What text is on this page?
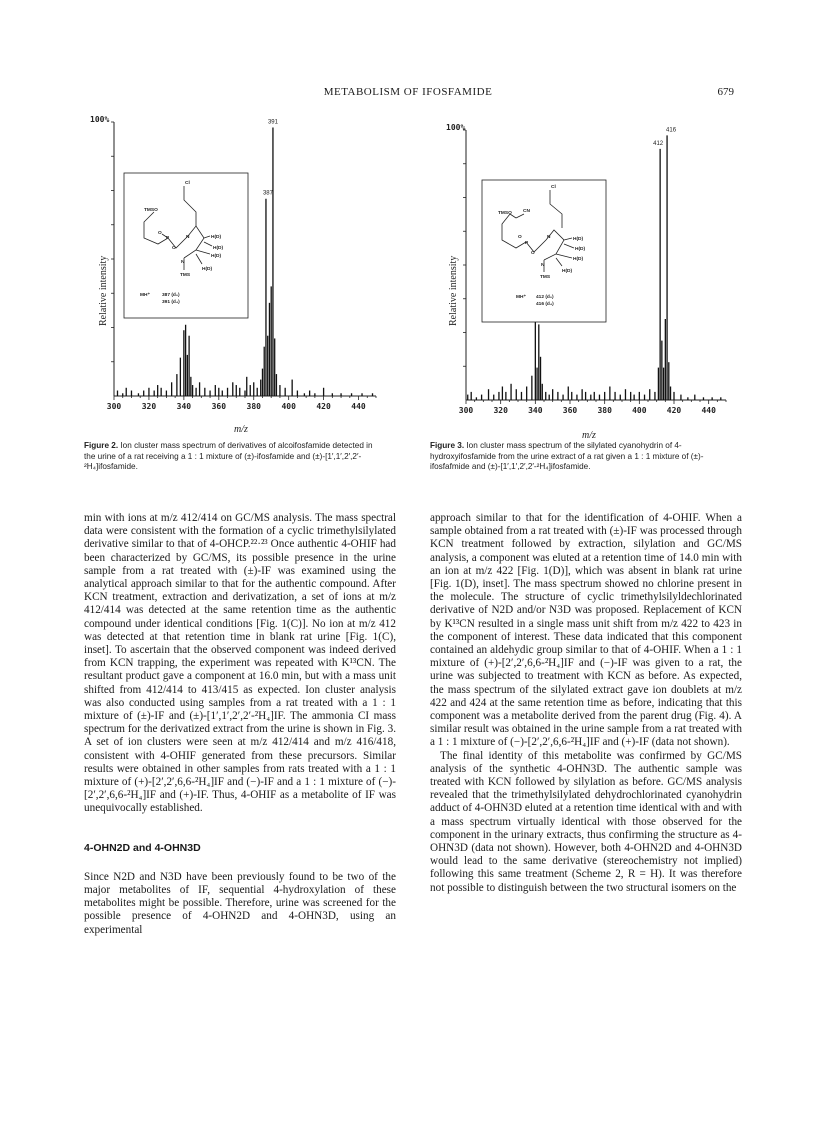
METABOLISM OF IFOSFAMIDE	679
100%
Relative intensity
m/z
300	320	340	360	380	400	420	440
391
387
Cl
TMSO
H(D)
H(D)
H(D)
H(D)
TMS
O
P	N
N
O
MH⁺	387 (d₀)
391 (d₄)
Figure 2. Ion cluster mass spectrum of derivatives of alcoifosfamide detected in the urine of a rat receiving a 1 : 1 mixture of (±)-ifosfamide and (±)-[1′,1′,2′,2′-²H₄]ifosfamide.
100%
Relative intensity
m/z
300	320	340	360	380	400	420	440
416
412
Cl
TMSO CN
H(D)
H(D)
H(D)
H(D)
TMS
O
P
N
N
O
MH⁺ 412 (d₀)
416 (d₄)
Figure 3. Ion cluster mass spectrum of the silylated cyanohydrin of 4-hydroxyifosfamide from the urine extract of a rat given a 1 : 1 mixture of (±)-ifosfafmide and (±)-[1′,1′,2′,2′-²H₄]ifosfamide.

min with ions at m/z 412/414 on GC/MS analysis. The mass spectral data were consistent with the formation of a cyclic trimethylsilylated derivative similar to that of 4-OHCP.²²·²³ Once authentic 4-OHIF had been characterized by GC/MS, its possible presence in the urine sample from a rat treated with (±)-IF was examined using the analytical approach similar to that for the authentic compound. After KCN treatment, extraction and derivatization, a set of ions at m/z 412/414 was detected at the same retention time as the authentic compound under identical conditions [Fig. 1(C)]. No ion at m/z 412 was detected at that retention time in blank rat urine [Fig. 1(C), inset]. To ascertain that the observed component was indeed derived from KCN trapping, the experiment was repeated with K¹³CN. The resultant product gave a component at 16.0 min, but with a mass unit shifted from 412/414 to 413/415 as expected. Ion cluster analysis was also conducted using samples from a rat treated with a 1 : 1 mixture of (±)-IF and (±)-[1′,1′,2′,2′-²H₄]IF. The ammonia CI mass spectrum for the derivatized extract from the urine is shown in Fig. 3. A set of ion clusters were seen at m/z 412/414 and m/z 416/418, consistent with 4-OHIF generated from these precursors. Similar results were obtained in other samples from rats treated with a 1 : 1 mixture of (+)-[2′,2′,6,6-²H₄]IF and (−)-IF and a 1 : 1 mixture of (−)-[2′,2′,6,6-²H₄]IF and (+)-IF. Thus, 4-OHIF as a metabolite of IF was unequivocally established.

4-OHN2D and 4-OHN3D

Since N2D and N3D have been previously found to be two of the major metabolites of IF, sequential 4-hydroxylation of these metabolites might be possible. Therefore, urine was screened for the possible presence of 4-OHN2D and 4-OHN3D, using an experimental

approach similar to that for the identification of 4-OHIF. When a sample obtained from a rat treated with (±)-IF was processed through KCN treatment followed by extraction, silylation and GC/MS analysis, a component was eluted at a retention time of 14.0 min with an ion at m/z 422 [Fig. 1(D)], which was absent in blank rat urine [Fig. 1(D), inset]. The mass spectrum showed no chlorine present in the molecule. The structure of cyclic trimethylsilyldechlorinated derivative of N2D and/or N3D was proposed. Replacement of KCN by K¹³CN resulted in a single mass unit shift from m/z 422 to 423 in the component of interest. These data indicated that this component contained an aldehydic group similar to that of 4-OHIF. When a 1 : 1 mixture of (+)-[2′,2′,6,6-²H₄]IF and (−)-IF was given to a rat, the urine was subjected to treatment with KCN as before. As expected, the mass spectrum of the silylated extract gave ion doublets at m/z 422 and 424 at the same retention time as before, indicating that this component was a metabolite derived from the parent drug (Fig. 4). A similar result was obtained in the urine sample from a rat treated with a 1 : 1 mixture of (−)-[2′,2′,6,6-²H₄]IF and (+)-IF (data not shown).

The final identity of this metabolite was confirmed by GC/MS analysis of the synthetic 4-OHN3D. The authentic sample was treated with KCN followed by silylation as before. GC/MS analysis revealed that the trimethylsilylated dehydrochlorinated cyanohydrin adduct of 4-OHN3D eluted at a retention time identical with and with a mass spectrum virtually identical with those observed for the component in the urinary extracts, thus confirming the structure as 4-OHN3D (data not shown). However, both 4-OHN2D and 4-OHN3D would lead to the same derivative (stereochemistry not implied) following this same treatment (Scheme 2, R = H). It was therefore not possible to distinguish between the two structural isomers on the
